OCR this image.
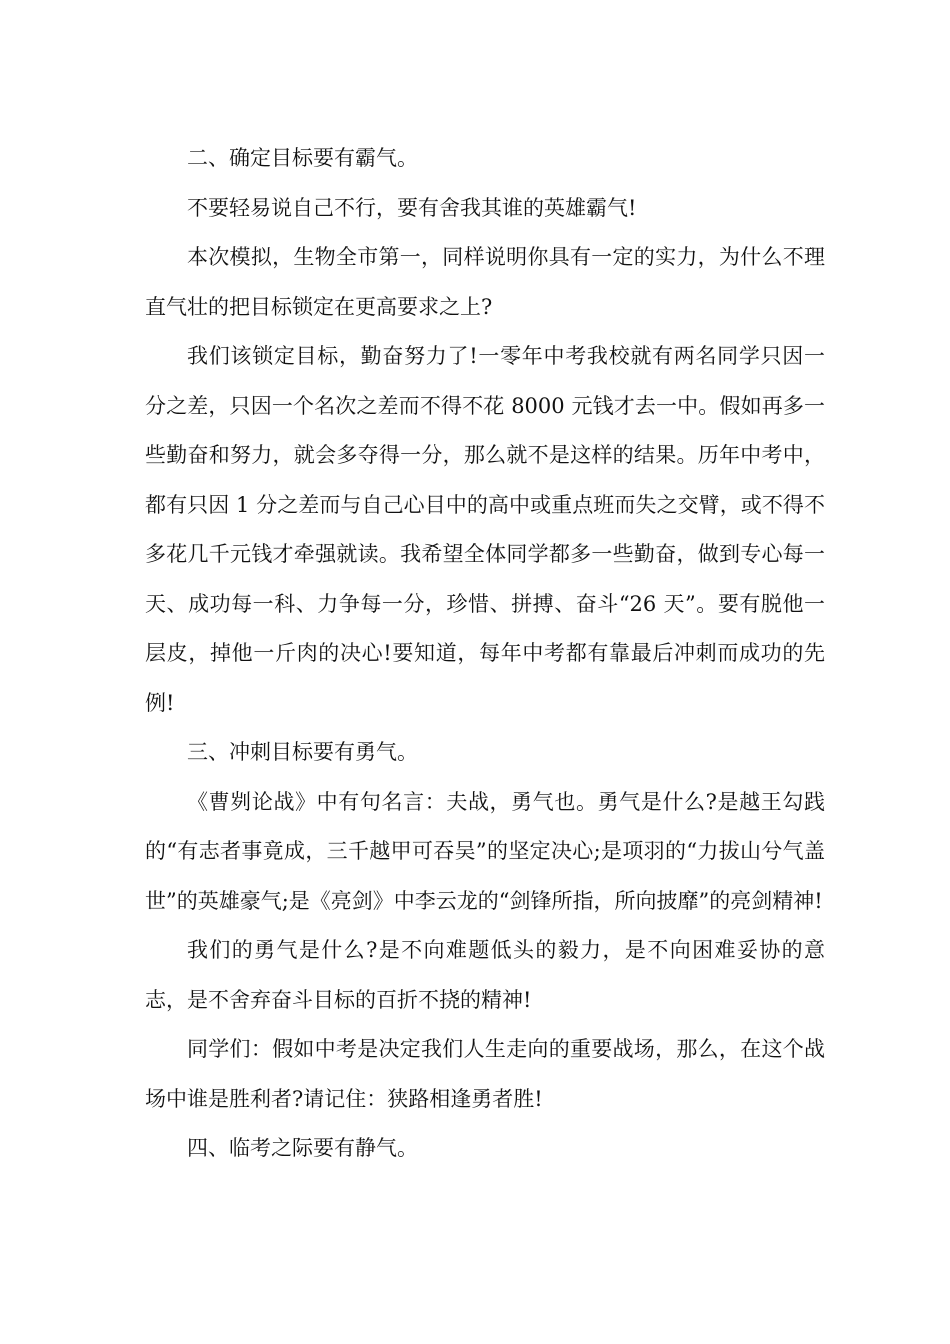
二、确定目标要有霸气。

不要轻易说自己不行，要有舍我其谁的英雄霸气!

本次模拟，生物全市第一，同样说明你具有一定的实力，为什么不理直气壮的把目标锁定在更高要求之上?

我们该锁定目标，勤奋努力了!一零年中考我校就有两名同学只因一分之差，只因一个名次之差而不得不花 8000 元钱才去一中。假如再多一些勤奋和努力，就会多夺得一分，那么就不是这样的结果。历年中考中，都有只因 1 分之差而与自己心目中的高中或重点班而失之交臂，或不得不多花几千元钱才牵强就读。我希望全体同学都多一些勤奋，做到专心每一天、成功每一科、力争每一分，珍惜、拼搏、奋斗“26 天”。要有脱他一层皮，掉他一斤肉的决心!要知道，每年中考都有靠最后冲刺而成功的先例!

三、冲刺目标要有勇气。

《曹刿论战》中有句名言：夫战，勇气也。勇气是什么?是越王勾践的“有志者事竟成，三千越甲可吞吴”的坚定决心;是项羽的“力拔山兮气盖世”的英雄豪气;是《亮剑》中李云龙的“剑锋所指，所向披靡”的亮剑精神!

我们的勇气是什么?是不向难题低头的毅力，是不向困难妥协的意志，是不舍弃奋斗目标的百折不挠的精神!

同学们：假如中考是决定我们人生走向的重要战场，那么，在这个战场中谁是胜利者?请记住：狭路相逢勇者胜!

四、临考之际要有静气。
